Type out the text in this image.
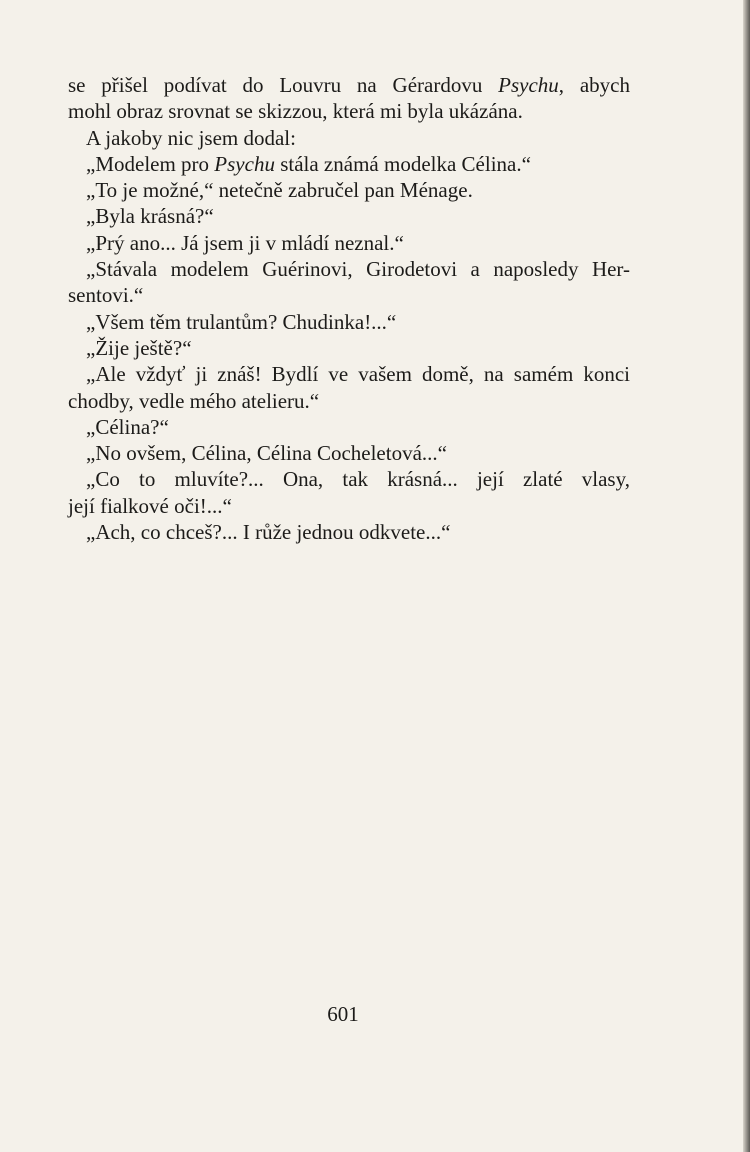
se přišel podívat do Louvru na Gérardovu Psychu, abych
mohl obraz srovnat se skizzou, která mi byla ukázána.
A jakoby nic jsem dodal:
„Modelem pro Psychu stála známá modelka Célina.“
„To je možné,“ netečně zabručel pan Ménage.
„Byla krásná?“
„Prý ano... Já jsem ji v mládí neznal.“
„Stávala modelem Guérinovi, Girodetovi a naposledy Her-
sentovi.“
„Všem těm trulantům? Chudinka!...“
„Žije ještě?“
„Ale vždyť ji znáš! Bydlí ve vašem domě, na samém konci
chodby, vedle mého atelieru.“
„Célina?“
„No ovšem, Célina, Célina Cocheletová...“
„Co to mluvíte?... Ona, tak krásná... její zlaté vlasy,
její fialkové oči!...“
„Ach, co chceš?... I růže jednou odkvete...“
601
